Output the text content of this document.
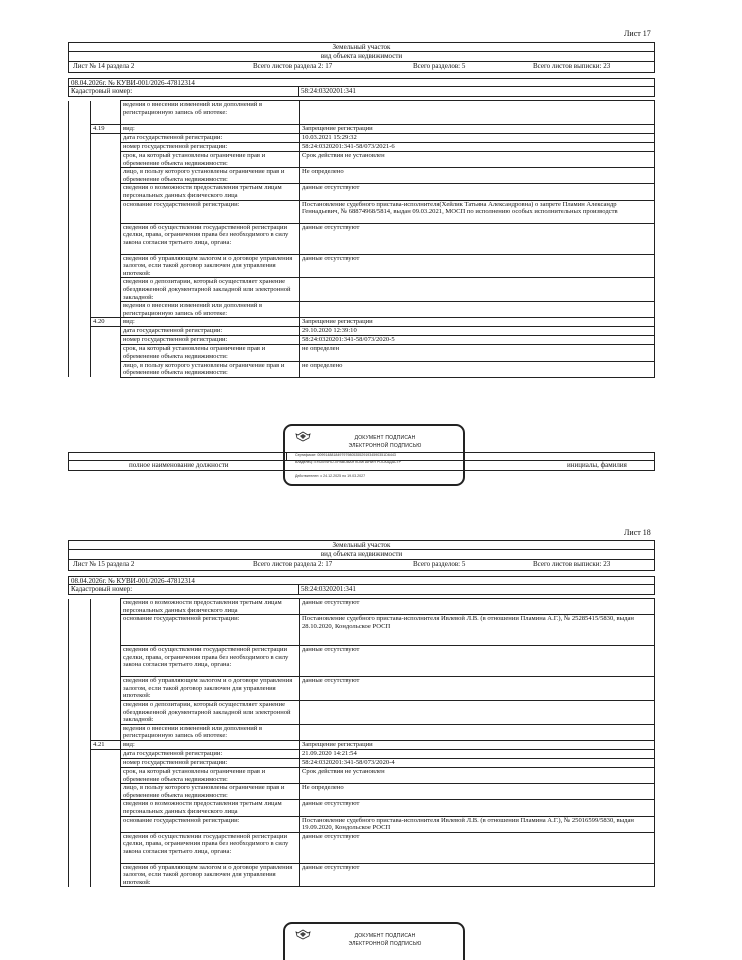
Лист 17
Земельный участок
вид объекта недвижимости
Лист № 14 раздела 2	Всего листов раздела 2: 17	Всего разделов: 5	Всего листов выписки: 23
08.04.2026г. № КУВИ-001/2026-47812314
Кадастровый номер:	58:24:0320201:341
		ведения о внесении изменений или дополнений в регистрационную запись об ипотеке:	
	4.19	вид:	Запрещение регистрации
		дата государственной регистрации:	10.03.2021 15:29:32
		номер государственной регистрации:	58:24:0320201:341-58/073/2021-6
		срок, на который установлены ограничение прав и обременение объекта недвижимости:	Срок действия не установлен
		лицо, в пользу которого установлены ограничение прав и обременение объекта недвижимости:	Не определено
		сведения о возможности предоставления третьим лицам персональных данных физического лица	данные отсутствуют
		основание государственной регистрации:	Постановление судебного пристава-исполнителя(Хейлик Татьяна Александровна) о запрете Пламин Александр Геннадьевич, № 68874968/5814, выдан 09.03.2021, МОСП по исполнению особых исполнительных производств
		сведения об осуществлении государственной регистрации сделки, права, ограничения права без необходимого в силу закона согласия третьего лица, органа:	данные отсутствуют
		сведения об управляющем залогом и о договоре управления залогом, если такой договор заключен для управления ипотекой:	данные отсутствуют
		сведения о депозитарии, который осуществляет хранение обездвиженной документарной закладной или электронной закладной:	
		ведения о внесении изменений или дополнений в регистрационную запись об ипотеке:	
	4.20	вид:	Запрещение регистрации
		дата государственной регистрации:	29.10.2020 12:39:10
		номер государственной регистрации:	58:24:0320201:341-58/073/2020-5
		срок, на который установлены ограничение прав и обременение объекта недвижимости:	не определен
		лицо, в пользу которого установлены ограничение прав и обременение объекта недвижимости:	не определено
ДОКУМЕНТ ПОДПИСАН
ЭЛЕКТРОННОЙ ПОДПИСЬЮ
Сертификат: 0099148818497979805355291934590351D6443
Владелец: ПУБЛИЧНО-ПРАВОВАЯ КОМПАНИЯ РОСКАДАСТР
Действителен: с 24.12.2025 по 19.03.2027
полное наименование должности	инициалы, фамилия
Лист 18
Земельный участок
вид объекта недвижимости
Лист № 15 раздела 2	Всего листов раздела 2: 17	Всего разделов: 5	Всего листов выписки: 23
08.04.2026г. № КУВИ-001/2026-47812314
Кадастровый номер:	58:24:0320201:341
		сведения о возможности предоставления третьим лицам персональных данных физического лица	данные отсутствуют
		основание государственной регистрации:	Постановление судебного пристава-исполнителя Ивлевой Л.В. (в отношении Пламина А.Г.), № 25285415/5830, выдан 28.10.2020, Кондольское РОСП
		сведения об осуществлении государственной регистрации сделки, права, ограничения права без необходимого в силу закона согласия третьего лица, органа:	данные отсутствуют
		сведения об управляющем залогом и о договоре управления залогом, если такой договор заключен для управления ипотекой:	данные отсутствуют
		сведения о депозитарии, который осуществляет хранение обездвиженной документарной закладной или электронной закладной:	
		ведения о внесении изменений или дополнений в регистрационную запись об ипотеке:	
	4.21	вид:	Запрещение регистрации
		дата государственной регистрации:	21.09.2020 14:21:54
		номер государственной регистрации:	58:24:0320201:341-58/073/2020-4
		срок, на который установлены ограничение прав и обременение объекта недвижимости:	Срок действия не установлен
		лицо, в пользу которого установлены ограничение прав и обременение объекта недвижимости:	Не определено
		сведения о возможности предоставления третьим лицам персональных данных физического лица	данные отсутствуют
		основание государственной регистрации:	Постановление судебного пристава-исполнителя Ивлевой Л.В. (в отношении Пламина А.Г.), № 25016599/5830, выдан 19.09.2020, Кондольское РОСП
		сведения об осуществлении государственной регистрации сделки, права, ограничения права без необходимого в силу закона согласия третьего лица, органа:	данные отсутствуют
		сведения об управляющем залогом и о договоре управления залогом, если такой договор заключен для управления ипотекой:	данные отсутствуют
ДОКУМЕНТ ПОДПИСАН
ЭЛЕКТРОННОЙ ПОДПИСЬЮ
